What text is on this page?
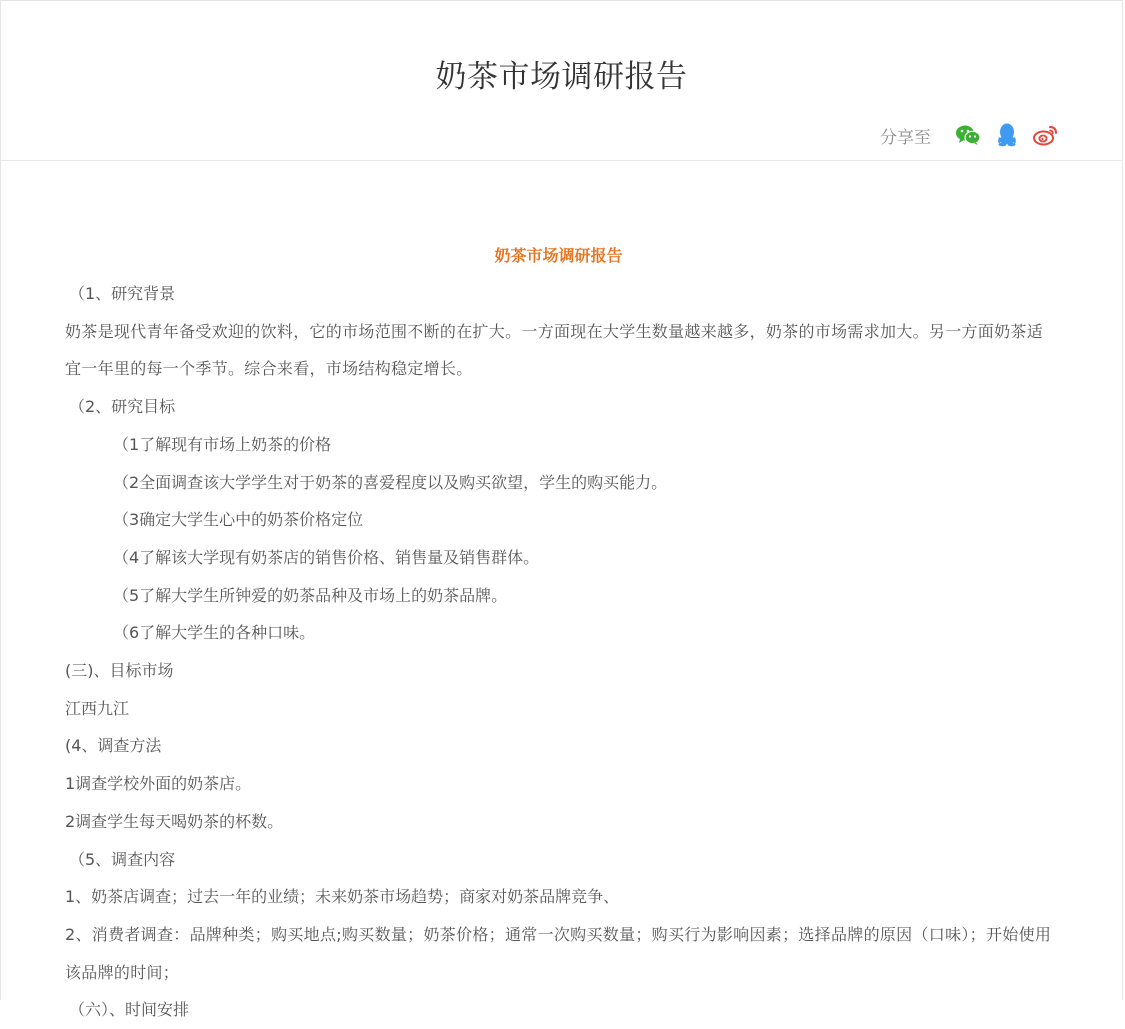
奶茶市场调研报告
分享至
奶茶市场调研报告

（1、研究背景

奶茶是现代青年备受欢迎的饮料，它的市场范围不断的在扩大。一方面现在大学生数量越来越多，奶茶的市场需求加大。另一方面奶茶适宜一年里的每一个季节。综合来看，市场结构稳定增长。

（2、研究目标

（1了解现有市场上奶茶的价格

（2全面调查该大学学生对于奶茶的喜爱程度以及购买欲望，学生的购买能力。

（3确定大学生心中的奶茶价格定位

（4了解该大学现有奶茶店的销售价格、销售量及销售群体。

（5了解大学生所钟爱的奶茶品种及市场上的奶茶品牌。

（6了解大学生的各种口味。

(三)、目标市场

江西九江

(4、调查方法

1调查学校外面的奶茶店。

2调查学生每天喝奶茶的杯数。

（5、调查内容

1、奶茶店调查；过去一年的业绩；未来奶茶市场趋势；商家对奶茶品牌竞争、

2、消费者调查：品牌种类；购买地点;购买数量；奶茶价格；通常一次购买数量；购买行为影响因素；选择品牌的原因（口味）；开始使用该品牌的时间；

（六）、时间安排
